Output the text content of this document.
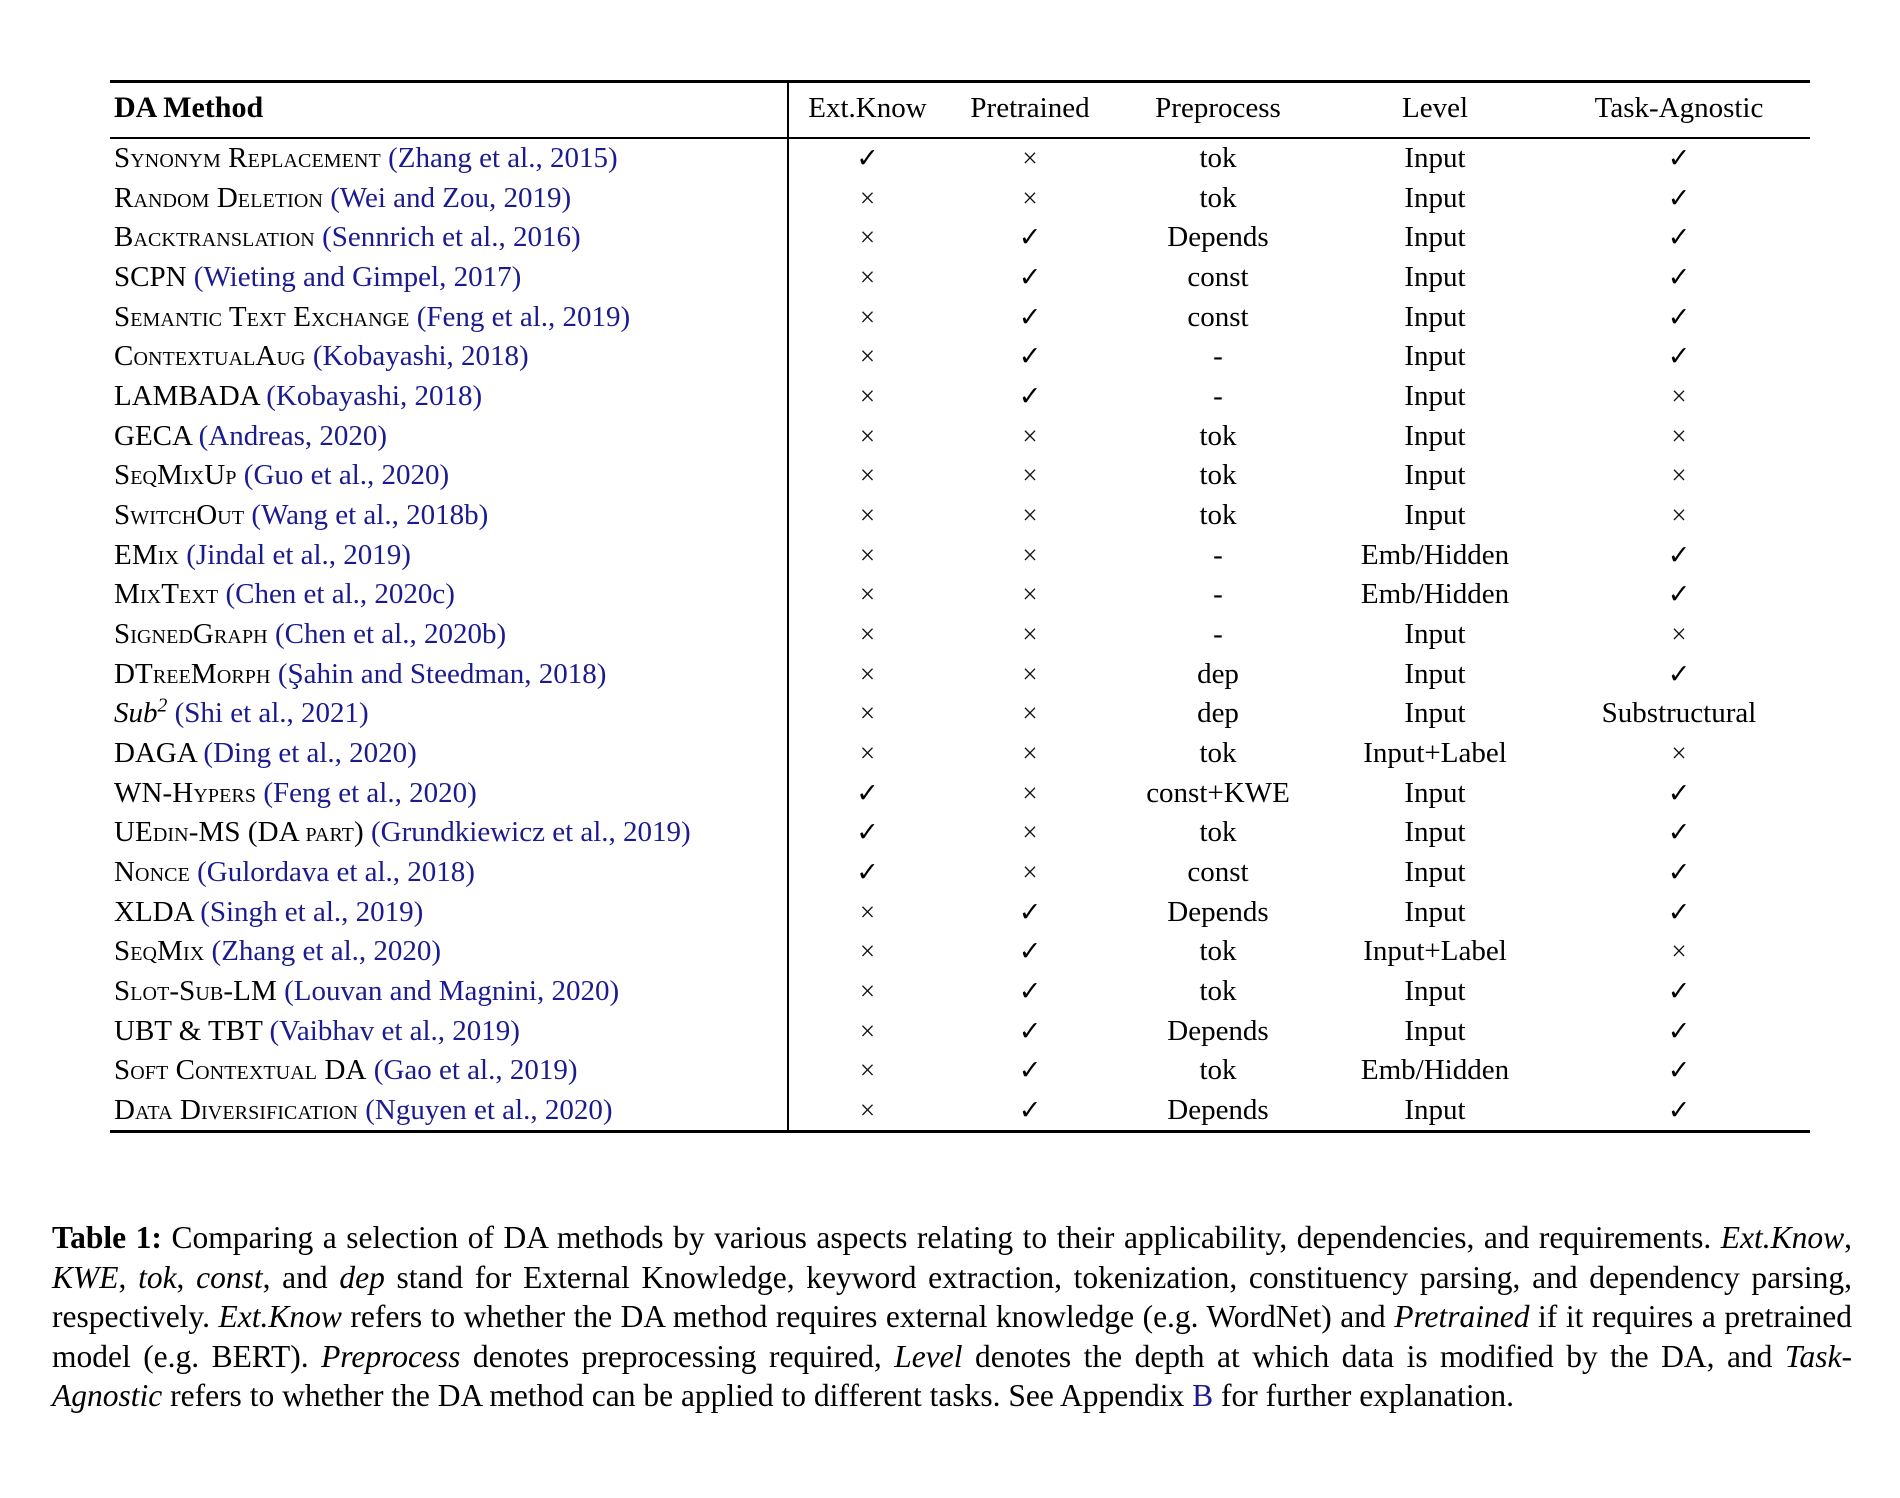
DA Method	Ext.Know	Pretrained	Preprocess	Level	Task-Agnostic
Synonym Replacement (Zhang et al., 2015)	✓	×	tok	Input	✓
Random Deletion (Wei and Zou, 2019)	×	×	tok	Input	✓
Backtranslation (Sennrich et al., 2016)	×	✓	Depends	Input	✓
SCPN (Wieting and Gimpel, 2017)	×	✓	const	Input	✓
Semantic Text Exchange (Feng et al., 2019)	×	✓	const	Input	✓
ContextualAug (Kobayashi, 2018)	×	✓	-	Input	✓
LAMBADA (Kobayashi, 2018)	×	✓	-	Input	×
GECA (Andreas, 2020)	×	×	tok	Input	×
SeqMixUp (Guo et al., 2020)	×	×	tok	Input	×
SwitchOut (Wang et al., 2018b)	×	×	tok	Input	×
EMix (Jindal et al., 2019)	×	×	-	Emb/Hidden	✓
MixText (Chen et al., 2020c)	×	×	-	Emb/Hidden	✓
SignedGraph (Chen et al., 2020b)	×	×	-	Input	×
DTreeMorph (Şahin and Steedman, 2018)	×	×	dep	Input	✓
Sub$^2$ (Shi et al., 2021)	×	×	dep	Input	Substructural
DAGA (Ding et al., 2020)	×	×	tok	Input+Label	×
WN-Hypers (Feng et al., 2020)	✓	×	const+KWE	Input	✓
UEdin-MS (DA part) (Grundkiewicz et al., 2019)	✓	×	tok	Input	✓
Nonce (Gulordava et al., 2018)	✓	×	const	Input	✓
XLDA (Singh et al., 2019)	×	✓	Depends	Input	✓
SeqMix (Zhang et al., 2020)	×	✓	tok	Input+Label	×
Slot-Sub-LM (Louvan and Magnini, 2020)	×	✓	tok	Input	✓
UBT & TBT (Vaibhav et al., 2019)	×	✓	Depends	Input	✓
Soft Contextual DA (Gao et al., 2019)	×	✓	tok	Emb/Hidden	✓
Data Diversification (Nguyen et al., 2020)	×	✓	Depends	Input	✓
Table 1: Comparing a selection of DA methods by various aspects relating to their applicability, dependencies, and requirements. Ext.Know, KWE, tok, const, and dep stand for External Knowledge, keyword extraction, tokenization, constituency parsing, and dependency parsing, respectively. Ext.Know refers to whether the DA method requires external knowledge (e.g. WordNet) and Pretrained if it requires a pretrained model (e.g. BERT). Preprocess denotes preprocessing required, Level denotes the depth at which data is modified by the DA, and Task-Agnostic refers to whether the DA method can be applied to different tasks. See Appendix B for further explanation.
